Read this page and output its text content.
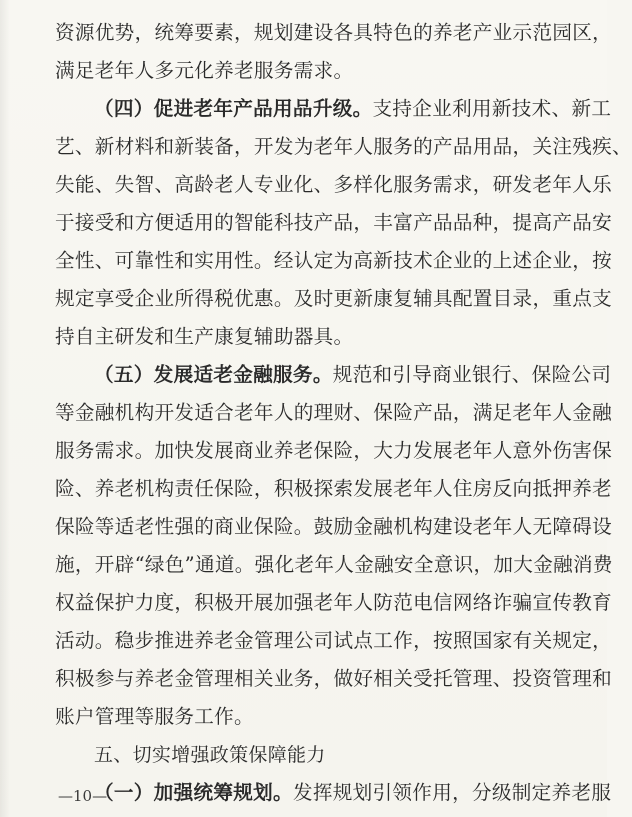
资源优势，统筹要素，规划建设各具特色的养老产业示范园区，
满足老年人多元化养老服务需求。
（四）促进老年产品用品升级。支持企业利用新技术、新工
艺、新材料和新装备，开发为老年人服务的产品用品，关注残疾、
失能、失智、高龄老人专业化、多样化服务需求，研发老年人乐
于接受和方便适用的智能科技产品，丰富产品品种，提高产品安
全性、可靠性和实用性。经认定为高新技术企业的上述企业，按
规定享受企业所得税优惠。及时更新康复辅具配置目录，重点支
持自主研发和生产康复辅助器具。
（五）发展适老金融服务。规范和引导商业银行、保险公司
等金融机构开发适合老年人的理财、保险产品，满足老年人金融
服务需求。加快发展商业养老保险，大力发展老年人意外伤害保
险、养老机构责任保险，积极探索发展老年人住房反向抵押养老
保险等适老性强的商业保险。鼓励金融机构建设老年人无障碍设
施，开辟“绿色”通道。强化老年人金融安全意识，加大金融消费
权益保护力度，积极开展加强老年人防范电信网络诈骗宣传教育
活动。稳步推进养老金管理公司试点工作，按照国家有关规定，
积极参与养老金管理相关业务，做好相关受托管理、投资管理和
账户管理等服务工作。
五、切实增强政策保障能力
—10—
（一）加强统筹规划。发挥规划引领作用，分级制定养老服
